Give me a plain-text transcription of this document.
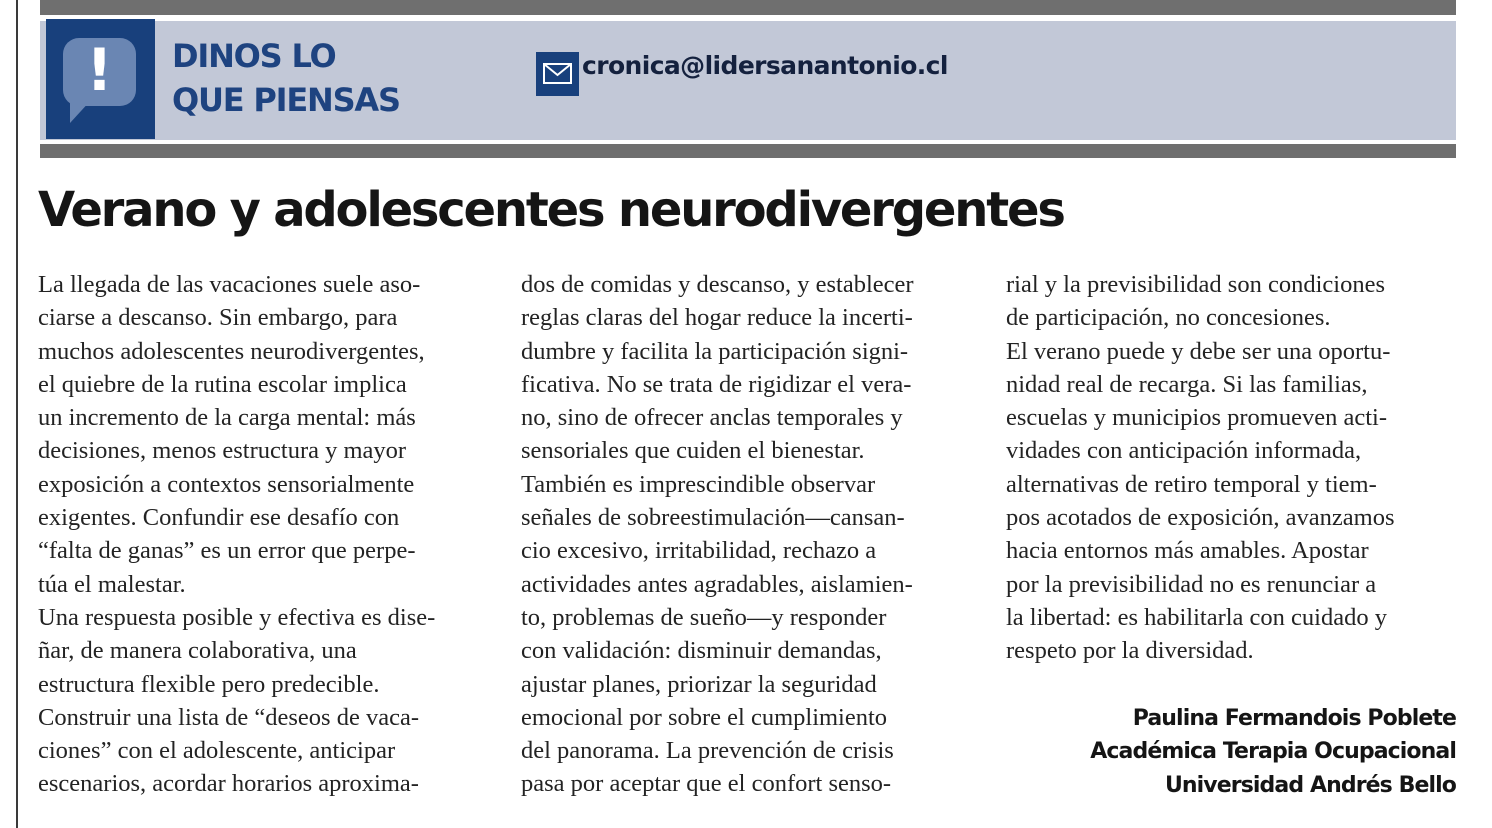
!	DINOS LO
QUE PIENSAS
cronica@lidersanantonio.cl
Verano y adolescentes neurodivergentes
La llegada de las vacaciones suele aso-
ciarse a descanso. Sin embargo, para
muchos adolescentes neurodivergentes,
el quiebre de la rutina escolar implica
un incremento de la carga mental: más
decisiones, menos estructura y mayor
exposición a contextos sensorialmente
exigentes. Confundir ese desafío con
“falta de ganas” es un error que perpe-
túa el malestar.
Una respuesta posible y efectiva es dise-
ñar, de manera colaborativa, una
estructura flexible pero predecible.
Construir una lista de “deseos de vaca-
ciones” con el adolescente, anticipar
escenarios, acordar horarios aproxima-
dos de comidas y descanso, y establecer
reglas claras del hogar reduce la incerti-
dumbre y facilita la participación signi-
ficativa. No se trata de rigidizar el vera-
no, sino de ofrecer anclas temporales y
sensoriales que cuiden el bienestar.
También es imprescindible observar
señales de sobreestimulación—cansan-
cio excesivo, irritabilidad, rechazo a
actividades antes agradables, aislamien-
to, problemas de sueño—y responder
con validación: disminuir demandas,
ajustar planes, priorizar la seguridad
emocional por sobre el cumplimiento
del panorama. La prevención de crisis
pasa por aceptar que el confort senso-
rial y la previsibilidad son condiciones
de participación, no concesiones.
El verano puede y debe ser una oportu-
nidad real de recarga. Si las familias,
escuelas y municipios promueven acti-
vidades con anticipación informada,
alternativas de retiro temporal y tiem-
pos acotados de exposición, avanzamos
hacia entornos más amables. Apostar
por la previsibilidad no es renunciar a
la libertad: es habilitarla con cuidado y
respeto por la diversidad.
Paulina Fermandois Poblete
Académica Terapia Ocupacional
Universidad Andrés Bello
